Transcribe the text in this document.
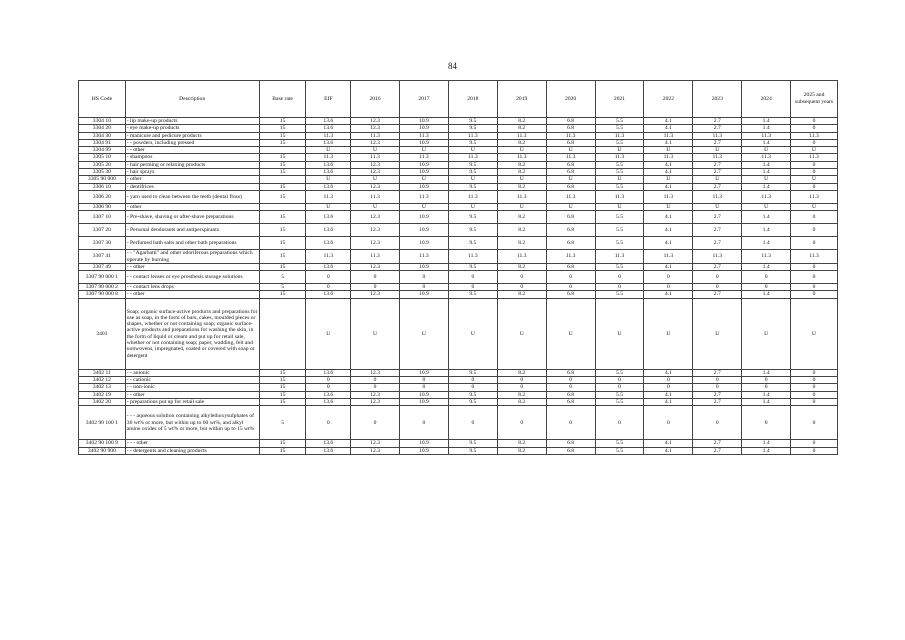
84
HS Code	Description	Base rate	EIF	2016	2017	2018	2019	2020	2021	2022	2023	2024	2025 and subsequent years
3304 10	- lip make-up products	15	13.6	12.3	10.9	9.5	8.2	6.8	5.5	4.1	2.7	1.4	0
3304 20	- eye make-up products	15	13.6	12.3	10.9	9.5	8.2	6.8	5.5	4.1	2.7	1.4	0
3304 30	- manicure and pedicure products	15	11.3	11.3	11.3	11.3	11.3	11.3	11.3	11.3	11.3	11.3	11.3
3304 91	- - powders, including pressed	15	13.6	12.3	10.9	9.5	8.2	6.8	5.5	4.1	2.7	1.4	0
3304 99	- - other		U	U	U	U	U	U	U	U	U	U	U
3305 10	- shampoos	15	11.3	11.3	11.3	11.3	11.3	11.3	11.3	11.3	11.3	11.3	11.3
3305 20	- hair perming or relaxing products	15	13.6	12.3	10.9	9.5	8.2	6.8	5.5	4.1	2.7	1.4	0
3305 30	- hair sprays	15	13.6	12.3	10.9	9.5	8.2	6.8	5.5	4.1	2.7	1.4	0
3305 90 000	- other		U	U	U	U	U	U	U	U	U	U	U
3306 10	- dentifrices	15	13.6	12.3	10.9	9.5	8.2	6.8	5.5	4.1	2.7	1.4	0
3306 20	- yarn used to clean between the teeth (dental floss)	15	11.3	11.3	11.3	11.3	11.3	11.3	11.3	11.3	11.3	11.3	11.3
3306 90	- other		U	U	U	U	U	U	U	U	U	U	U
3307 10	- Pre-shave, shaving or after-shave preparations	15	13.6	12.3	10.9	9.5	8.2	6.8	5.5	4.1	2.7	1.4	0
3307 20	- Personal deodorants and antiperspirants	15	13.6	12.3	10.9	9.5	8.2	6.8	5.5	4.1	2.7	1.4	0
3307 30	- Perfumed bath salts and other bath preparations	15	13.6	12.3	10.9	9.5	8.2	6.8	5.5	4.1	2.7	1.4	0
3307 41	- - "Agarbatti" and other odoriferous preparations which operate by burning	15	11.3	11.3	11.3	11.3	11.3	11.3	11.3	11.3	11.3	11.3	11.3
3307 49	- - other	15	13.6	12.3	10.9	9.5	8.2	6.8	5.5	4.1	2.7	1.4	0
3307 90 000 1	- - contact lenses or eye prosthesis storage solutions	5	0	0	0	0	0	0	0	0	0	0	0
3307 90 000 2	- - contact lens drops	5	0	0	0	0	0	0	0	0	0	0	0
3307 90 000 8	- - other	15	13.6	12.3	10.9	9.5	8.2	6.8	5.5	4.1	2.7	1.4	0
3401	Soap; organic surface-active products and preparations for use as soap, in the form of bars, cakes, moulded pieces or shapes, whether or not containing soap; organic surface-active products and preparations for washing the skin, in the form of liquid or cream and put up for retail sale, whether or not containing soap; paper, wadding, felt and nonwovens, impregnated, coated or covered with soap or detergent		U	U	U	U	U	U	U	U	U	U	U
3402 11	- - anionic	15	13.6	12.3	10.9	9.5	8.2	6.8	5.5	4.1	2.7	1.4	0
3402 12	- - cationic	15	0	0	0	0	0	0	0	0	0	0	0
3402 13	- - non-ionic	15	0	0	0	0	0	0	0	0	0	0	0
3402 19	- - other	15	13.6	12.3	10.9	9.5	8.2	6.8	5.5	4.1	2.7	1.4	0
3402 20	- preparations put up for retail sale	15	13.6	12.3	10.9	9.5	8.2	6.8	5.5	4.1	2.7	1.4	0
3402 90 100 1	- - - aqueous solution containing alkylethoxysulphates of 30 wt% or more, but within up to 60 wt%, and alkyl amine oxides of 5 wt% or more, but within up to 15 wt%	5	0	0	0	0	0	0	0	0	0	0	0
3402 90 100 9	- - - other	15	13.6	12.3	10.9	9.5	8.2	6.8	5.5	4.1	2.7	1.4	0
3402 90 900	- - detergents and cleaning products	15	13.6	12.3	10.9	9.5	8.2	6.8	5.5	4.1	2.7	1.4	0
